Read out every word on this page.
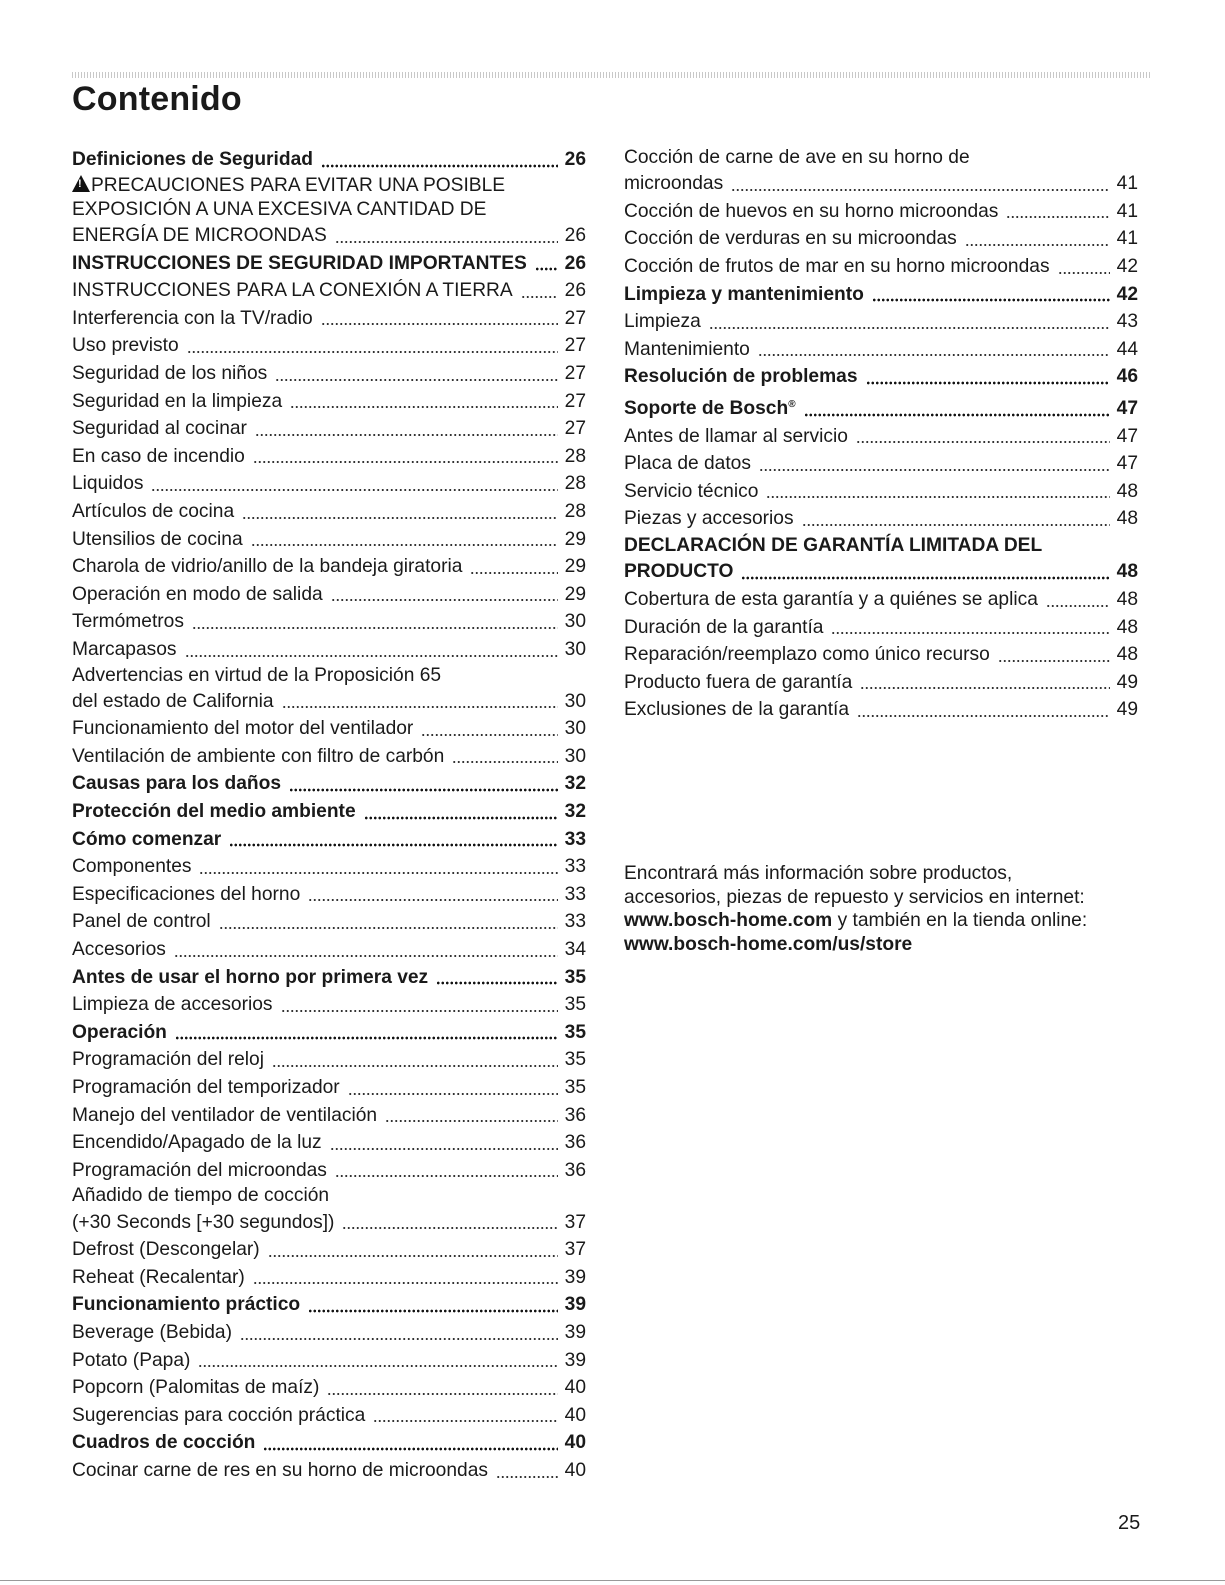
Contenido
Definiciones de Seguridad	26
!PRECAUCIONES PARA EVITAR UNA POSIBLE
EXPOSICIÓN A UNA EXCESIVA CANTIDAD DE
ENERGÍA DE MICROONDAS	26
INSTRUCCIONES DE SEGURIDAD IMPORTANTES 26
INSTRUCCIONES PARA LA CONEXIÓN A TIERRA	26
Interferencia con la TV/radio	27
Uso previsto	27
Seguridad de los niños	27
Seguridad en la limpieza	27
Seguridad al cocinar	27
En caso de incendio	28
Liquidos	28
Artículos de cocina	28
Utensilios de cocina	29
Charola de vidrio/anillo de la bandeja giratoria	29
Operación en modo de salida	29
Termómetros	30
Marcapasos	30
Advertencias en virtud de la Proposición 65
del estado de California	30
Funcionamiento del motor del ventilador	30
Ventilación de ambiente con filtro de carbón	30
Causas para los daños	32
Protección del medio ambiente	32
Cómo comenzar	33
Componentes	33
Especificaciones del horno	33
Panel de control	33
Accesorios	34
Antes de usar el horno por primera vez	35
Limpieza de accesorios	35
Operación	35
Programación del reloj	35
Programación del temporizador	35
Manejo del ventilador de ventilación	36
Encendido/Apagado de la luz	36
Programación del microondas	36
Añadido de tiempo de cocción
(+30 Seconds [+30 segundos])	37
Defrost (Descongelar)	37
Reheat (Recalentar)	39
Funcionamiento práctico	39
Beverage (Bebida)	39
Potato (Papa)	39
Popcorn (Palomitas de maíz)	40
Sugerencias para cocción práctica	40
Cuadros de cocción	40
Cocinar carne de res en su horno de microondas	40
Cocción de carne de ave en su horno de
microondas	41
Cocción de huevos en su horno microondas	41
Cocción de verduras en su microondas	41
Cocción de frutos de mar en su horno microondas	42
Limpieza y mantenimiento	42
Limpieza	43
Mantenimiento	44
Resolución de problemas	46
Soporte de Bosch®	47
Antes de llamar al servicio	47
Placa de datos	47
Servicio técnico	48
Piezas y accesorios	48
DECLARACIÓN DE GARANTÍA LIMITADA DEL
PRODUCTO	48
Cobertura de esta garantía y a quiénes se aplica	48
Duración de la garantía	48
Reparación/reemplazo como único recurso	48
Producto fuera de garantía	49
Exclusiones de la garantía	49
Encontrará más información sobre productos,
accesorios, piezas de repuesto y servicios en internet:
www.bosch-home.com y también en la tienda online:
www.bosch-home.com/us/store
25
